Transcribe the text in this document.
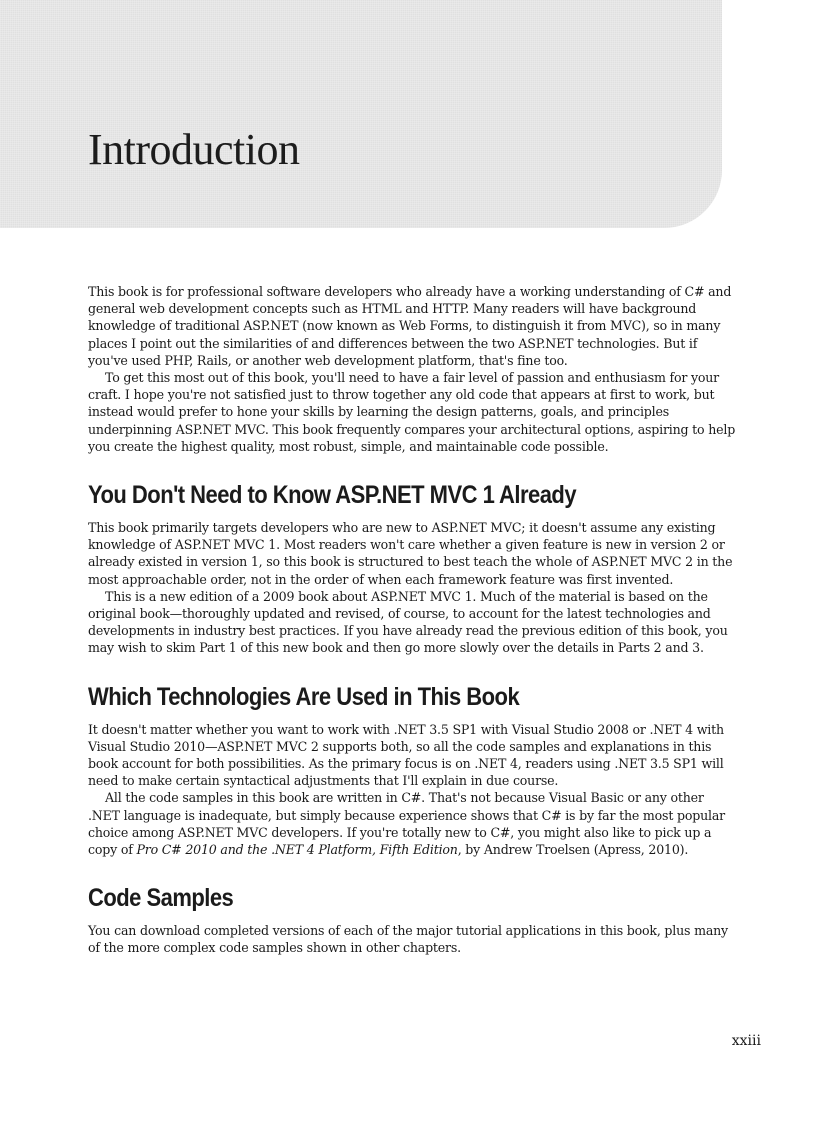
Introduction

This book is for professional software developers who already have a working understanding of C# and general web development concepts such as HTML and HTTP. Many readers will have background knowledge of traditional ASP.NET (now known as Web Forms, to distinguish it from MVC), so in many places I point out the similarities of and differences between the two ASP.NET technologies. But if you've used PHP, Rails, or another web development platform, that's fine too.

To get this most out of this book, you'll need to have a fair level of passion and enthusiasm for your craft. I hope you're not satisfied just to throw together any old code that appears at first to work, but instead would prefer to hone your skills by learning the design patterns, goals, and principles underpinning ASP.NET MVC. This book frequently compares your architectural options, aspiring to help you create the highest quality, most robust, simple, and maintainable code possible.

You Don't Need to Know ASP.NET MVC 1 Already

This book primarily targets developers who are new to ASP.NET MVC; it doesn't assume any existing knowledge of ASP.NET MVC 1. Most readers won't care whether a given feature is new in version 2 or already existed in version 1, so this book is structured to best teach the whole of ASP.NET MVC 2 in the most approachable order, not in the order of when each framework feature was first invented.

This is a new edition of a 2009 book about ASP.NET MVC 1. Much of the material is based on the original book—thoroughly updated and revised, of course, to account for the latest technologies and developments in industry best practices. If you have already read the previous edition of this book, you may wish to skim Part 1 of this new book and then go more slowly over the details in Parts 2 and 3.

Which Technologies Are Used in This Book

It doesn't matter whether you want to work with .NET 3.5 SP1 with Visual Studio 2008 or .NET 4 with Visual Studio 2010—ASP.NET MVC 2 supports both, so all the code samples and explanations in this book account for both possibilities. As the primary focus is on .NET 4, readers using .NET 3.5 SP1 will need to make certain syntactical adjustments that I'll explain in due course.

All the code samples in this book are written in C#. That's not because Visual Basic or any other .NET language is inadequate, but simply because experience shows that C# is by far the most popular choice among ASP.NET MVC developers. If you're totally new to C#, you might also like to pick up a copy of Pro C# 2010 and the .NET 4 Platform, Fifth Edition, by Andrew Troelsen (Apress, 2010).

Code Samples

You can download completed versions of each of the major tutorial applications in this book, plus many of the more complex code samples shown in other chapters.

xxiii
